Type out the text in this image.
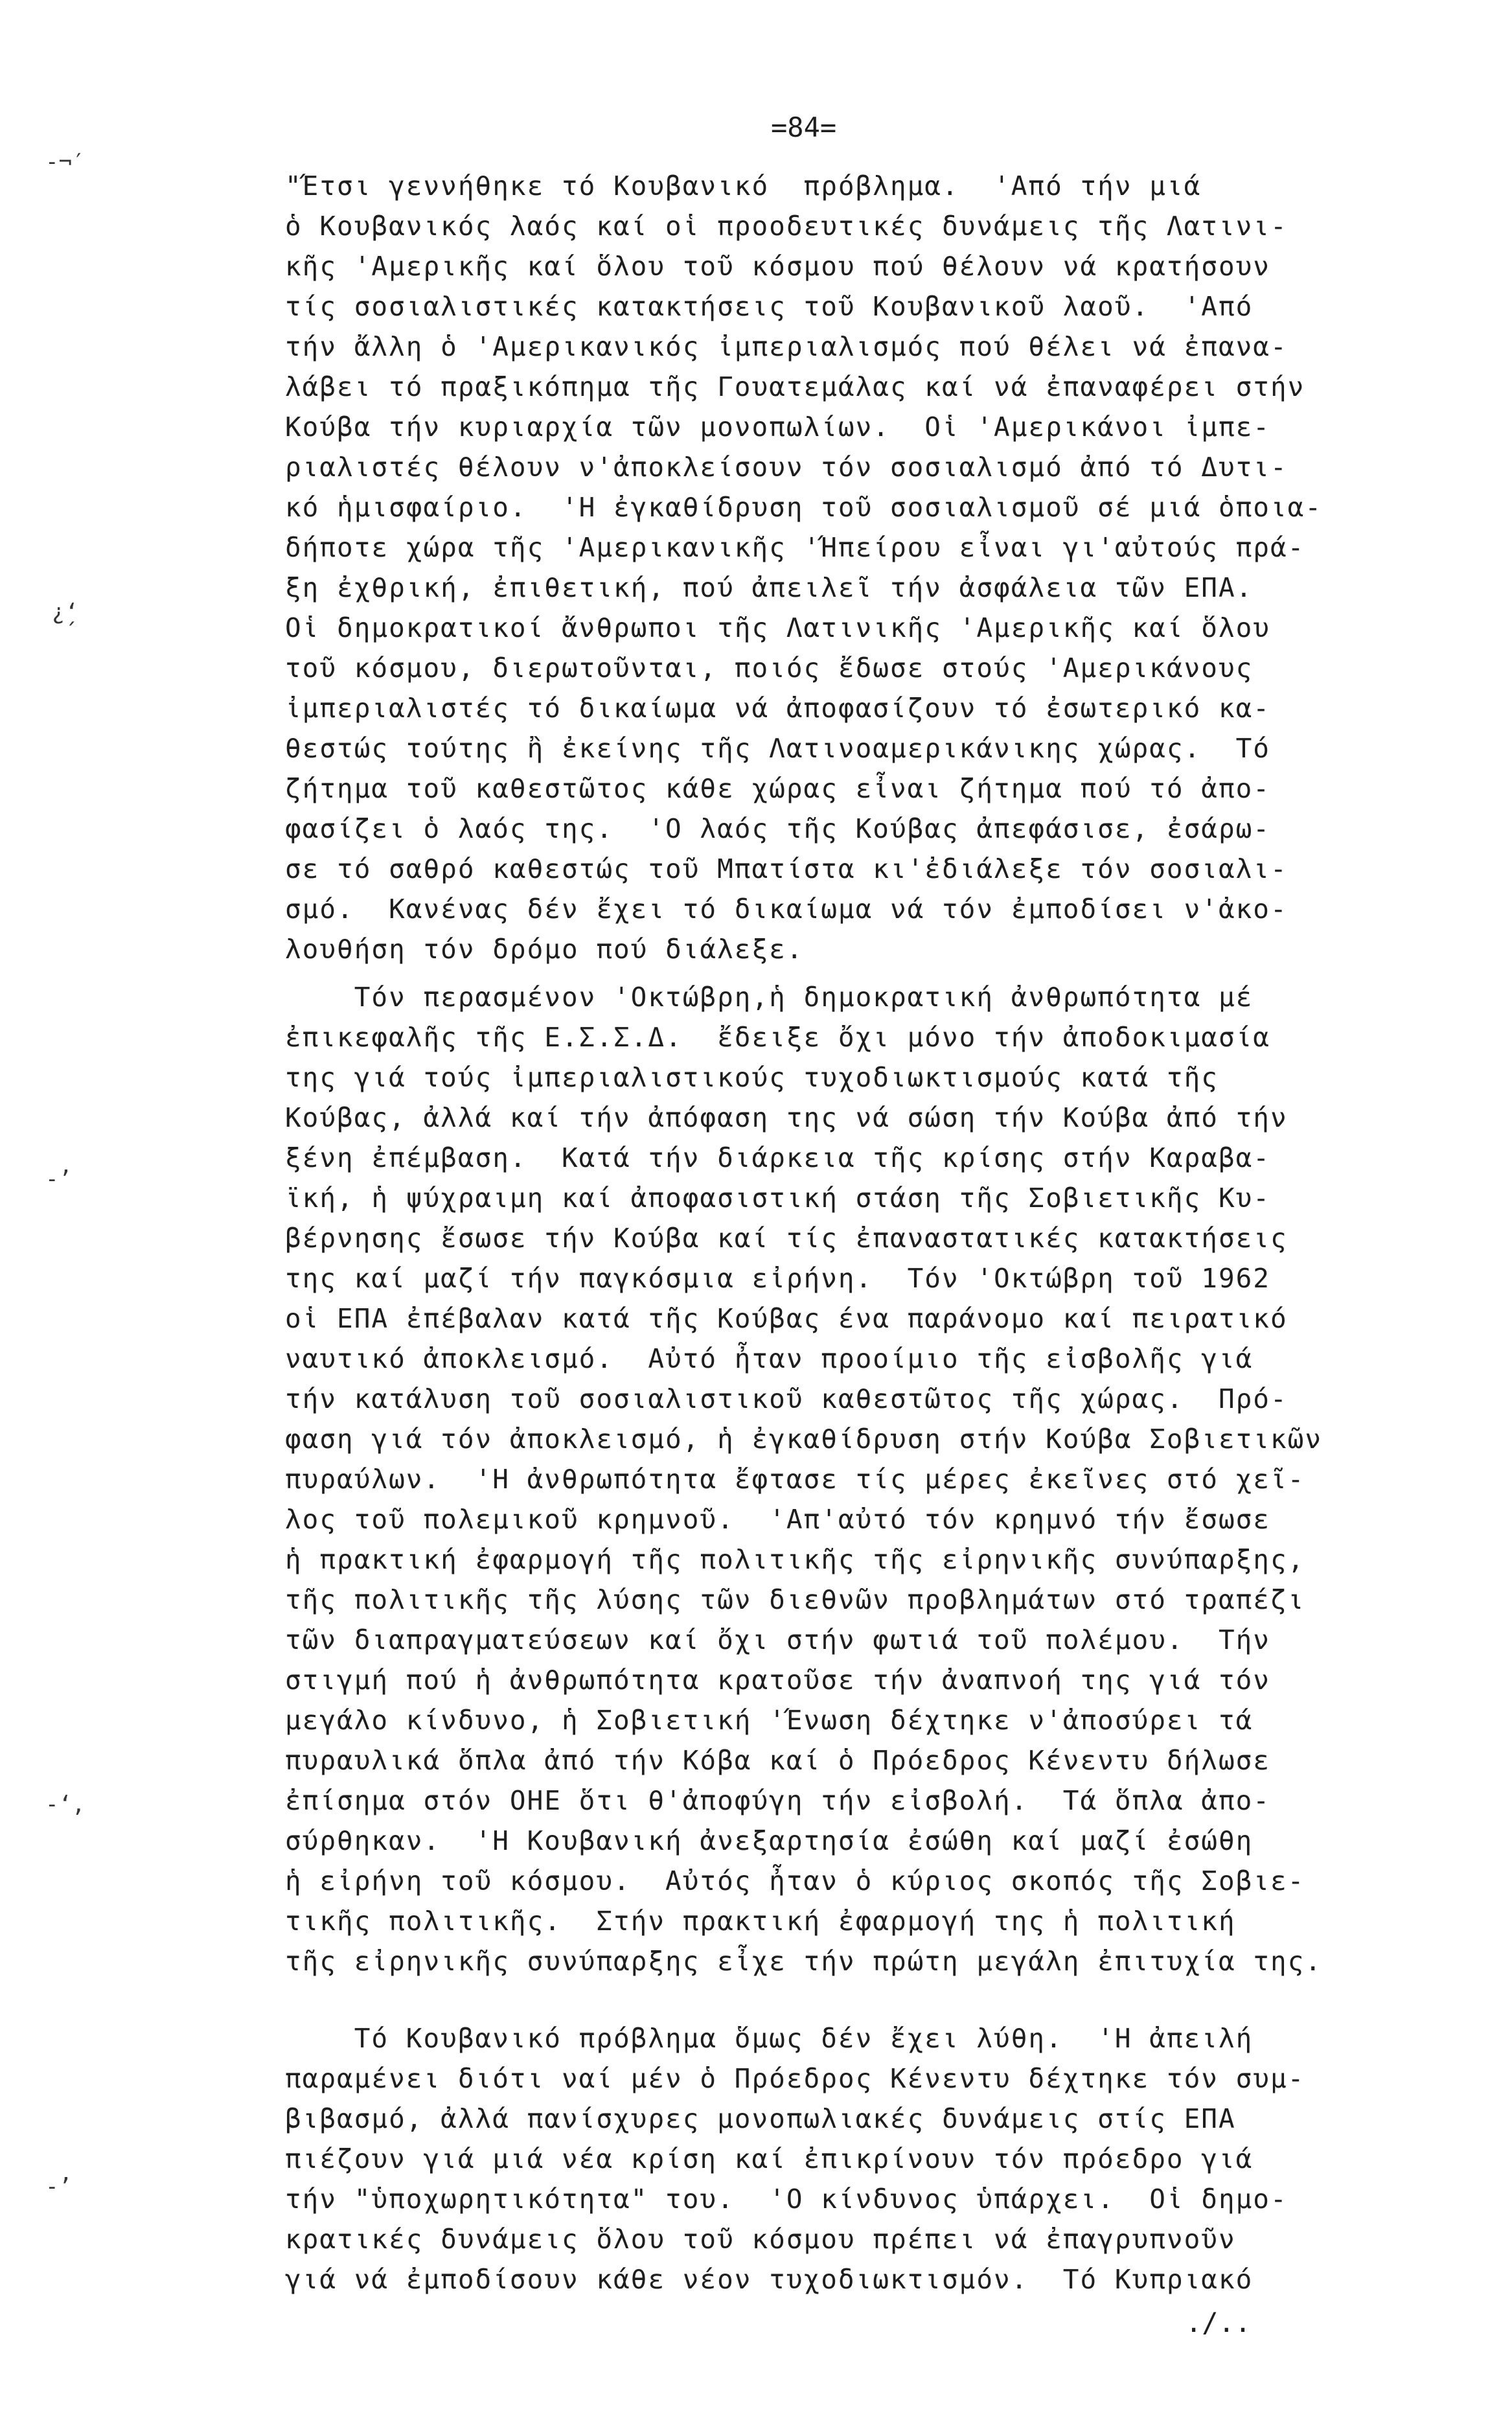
=84=
-¬′
¿̗‘
-’
-‘,
-’
"Έτσι γεννήθηκε τό Κουβανικό  πρόβλημα.  'Από τήν μιά
ὁ Κουβανικός λαός καί οἱ προοδευτικές δυνάμεις τῆς Λατινι-
κῆς 'Αμερικῆς καί ὅλου τοῦ κόσμου πού θέλουν νά κρατήσουν
τίς σοσιαλιστικές κατακτήσεις τοῦ Κουβανικοῦ λαοῦ.  'Από
τήν ἄλλη ὁ 'Αμερικανικός ἰμπεριαλισμός πού θέλει νά ἐπανα-
λάβει τό πραξικόπημα τῆς Γουατεμάλας καί νά ἐπαναφέρει στήν
Κούβα τήν κυριαρχία τῶν μονοπωλίων.  Οἱ 'Αμερικάνοι ἰμπε-
ριαλιστές θέλουν ν'ἀποκλείσουν τόν σοσιαλισμό ἀπό τό Δυτι-
κό ἡμισφαίριο.  'Η ἐγκαθίδρυση τοῦ σοσιαλισμοῦ σέ μιά ὁποια-
δήποτε χώρα τῆς 'Αμερικανικῆς 'Ήπείρου εἶναι γι'αὐτούς πρά-
ξη ἐχθρική, ἐπιθετική, πού ἀπειλεῖ τήν ἀσφάλεια τῶν ΕΠΑ.
Οἱ δημοκρατικοί ἄνθρωποι τῆς Λατινικῆς 'Αμερικῆς καί ὅλου
τοῦ κόσμου, διερωτοῦνται, ποιός ἔδωσε στούς 'Αμερικάνους
ἰμπεριαλιστές τό δικαίωμα νά ἀποφασίζουν τό ἐσωτερικό κα-
θεστώς τούτης ἢ ἐκείνης τῆς Λατινοαμερικάνικης χώρας.  Τό
ζήτημα τοῦ καθεστῶτος κάθε χώρας εἶναι ζήτημα πού τό ἀπο-
φασίζει ὁ λαός της.  'Ο λαός τῆς Κούβας ἀπεφάσισε, ἐσάρω-
σε τό σαθρό καθεστώς τοῦ Μπατίστα κι'ἐδιάλεξε τόν σοσιαλι-
σμό.  Κανένας δέν ἔχει τό δικαίωμα νά τόν ἐμποδίσει ν'ἀκο-
λουθήση τόν δρόμο πού διάλεξε.
Τόν περασμένον 'Οκτώβρη,ἡ δημοκρατική ἀνθρωπότητα μέ
ἐπικεφαλῆς τῆς Ε.Σ.Σ.Δ.  ἔδειξε ὄχι μόνο τήν ἀποδοκιμασία
της γιά τούς ἰμπεριαλιστικούς τυχοδιωκτισμούς κατά τῆς
Κούβας, ἀλλά καί τήν ἀπόφαση της νά σώση τήν Κούβα ἀπό τήν
ξένη ἐπέμβαση.  Κατά τήν διάρκεια τῆς κρίσης στήν Καραβα-
ϊκή, ἡ ψύχραιμη καί ἀποφασιστική στάση τῆς Σοβιετικῆς Κυ-
βέρνησης ἔσωσε τήν Κούβα καί τίς ἐπαναστατικές κατακτήσεις
της καί μαζί τήν παγκόσμια εἰρήνη.  Τόν 'Οκτώβρη τοῦ 1962
οἱ ΕΠΑ ἐπέβαλαν κατά τῆς Κούβας ένα παράνομο καί πειρατικό
ναυτικό ἀποκλεισμό.  Αὐτό ἦταν προοίμιο τῆς εἰσβολῆς γιά
τήν κατάλυση τοῦ σοσιαλιστικοῦ καθεστῶτος τῆς χώρας.  Πρό-
φαση γιά τόν ἀποκλεισμό, ἡ ἐγκαθίδρυση στήν Κούβα Σοβιετικῶν
πυραύλων.  'Η ἀνθρωπότητα ἔφτασε τίς μέρες ἐκεῖνες στό χεῖ-
λος τοῦ πολεμικοῦ κρημνοῦ.  'Απ'αὐτό τόν κρημνό τήν ἔσωσε
ἡ πρακτική ἐφαρμογή τῆς πολιτικῆς τῆς εἰρηνικῆς συνύπαρξης,
τῆς πολιτικῆς τῆς λύσης τῶν διεθνῶν προβλημάτων στό τραπέζι
τῶν διαπραγματεύσεων καί ὄχι στήν φωτιά τοῦ πολέμου.  Τήν
στιγμή πού ἡ ἀνθρωπότητα κρατοῦσε τήν ἀναπνοή της γιά τόν
μεγάλο κίνδυνο, ἡ Σοβιετική 'Ένωση δέχτηκε ν'ἀποσύρει τά
πυραυλικά ὅπλα ἀπό τήν Κόβα καί ὁ Πρόεδρος Κένεντυ δήλωσε
ἐπίσημα στόν ΟΗΕ ὅτι θ'ἀποφύγη τήν εἰσβολή.  Τά ὅπλα ἀπο-
σύρθηκαν.  'Η Κουβανική ἀνεξαρτησία ἐσώθη καί μαζί ἐσώθη
ἡ εἰρήνη τοῦ κόσμου.  Αὐτός ἦταν ὁ κύριος σκοπός τῆς Σοβιε-
τικῆς πολιτικῆς.  Στήν πρακτική ἐφαρμογή της ἡ πολιτική
τῆς εἰρηνικῆς συνύπαρξης εἶχε τήν πρώτη μεγάλη ἐπιτυχία της.
Τό Κουβανικό πρόβλημα ὅμως δέν ἔχει λύθη.  'Η ἀπειλή
παραμένει διότι ναί μέν ὁ Πρόεδρος Κένεντυ δέχτηκε τόν συμ-
βιβασμό, ἀλλά πανίσχυρες μονοπωλιακές δυνάμεις στίς ΕΠΑ
πιέζουν γιά μιά νέα κρίση καί ἐπικρίνουν τόν πρόεδρο γιά
τήν "ὑποχωρητικότητα" του.  'Ο κίνδυνος ὑπάρχει.  Οἱ δημο-
κρατικές δυνάμεις ὅλου τοῦ κόσμου πρέπει νά ἐπαγρυπνοῦν
γιά νά ἐμποδίσουν κάθε νέον τυχοδιωκτισμόν.  Τό Κυπριακό
./..
